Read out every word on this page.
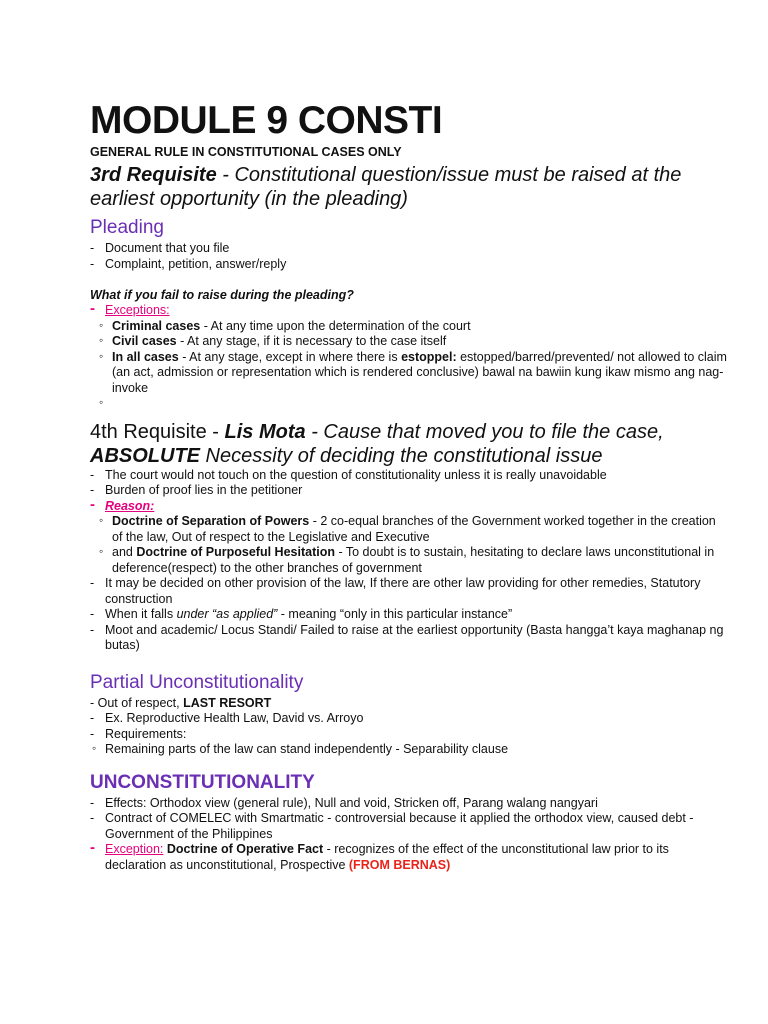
MODULE 9 CONSTI
GENERAL RULE IN CONSTITUTIONAL CASES ONLY
3rd Requisite - Constitutional question/issue must be raised at the earliest opportunity (in the pleading)
Pleading
- Document that you file
- Complaint, petition, answer/reply
What if you fail to raise during the pleading?
- Exceptions:
◦ Criminal cases - At any time upon the determination of the court
◦ Civil cases - At any stage, if it is necessary to the case itself
◦ In all cases - At any stage, except in where there is estoppel: estopped/barred/prevented/ not allowed to claim (an act, admission or representation which is rendered conclusive) bawal na bawiin kung ikaw mismo ang nag-invoke
◦
4th Requisite - Lis Mota - Cause that moved you to file the case, ABSOLUTE Necessity of deciding the constitutional issue
- The court would not touch on the question of constitutionality unless it is really unavoidable
- Burden of proof lies in the petitioner
- Reason:
◦ Doctrine of Separation of Powers - 2 co-equal branches of the Government worked together in the creation of the law, Out of respect to the Legislative and Executive
◦ and Doctrine of Purposeful Hesitation - To doubt is to sustain, hesitating to declare laws unconstitutional in deference(respect) to the other branches of government
- It may be decided on other provision of the law, If there are other law providing for other remedies, Statutory construction
- When it falls under “as applied” - meaning “only in this particular instance”
- Moot and academic/ Locus Standi/ Failed to raise at the earliest opportunity (Basta hangga’t kaya maghanap ng butas)
Partial Unconstitutionality
- Out of respect, LAST RESORT
- Ex. Reproductive Health Law, David vs. Arroyo
- Requirements:
◦ Remaining parts of the law can stand independently - Separability clause
UNCONSTITUTIONALITY
- Effects: Orthodox view (general rule), Null and void, Stricken off, Parang walang nangyari
- Contract of COMELEC with Smartmatic - controversial because it applied the orthodox view, caused debt - Government of the Philippines
- Exception: Doctrine of Operative Fact - recognizes of the effect of the unconstitutional law prior to its declaration as unconstitutional, Prospective (FROM BERNAS)
